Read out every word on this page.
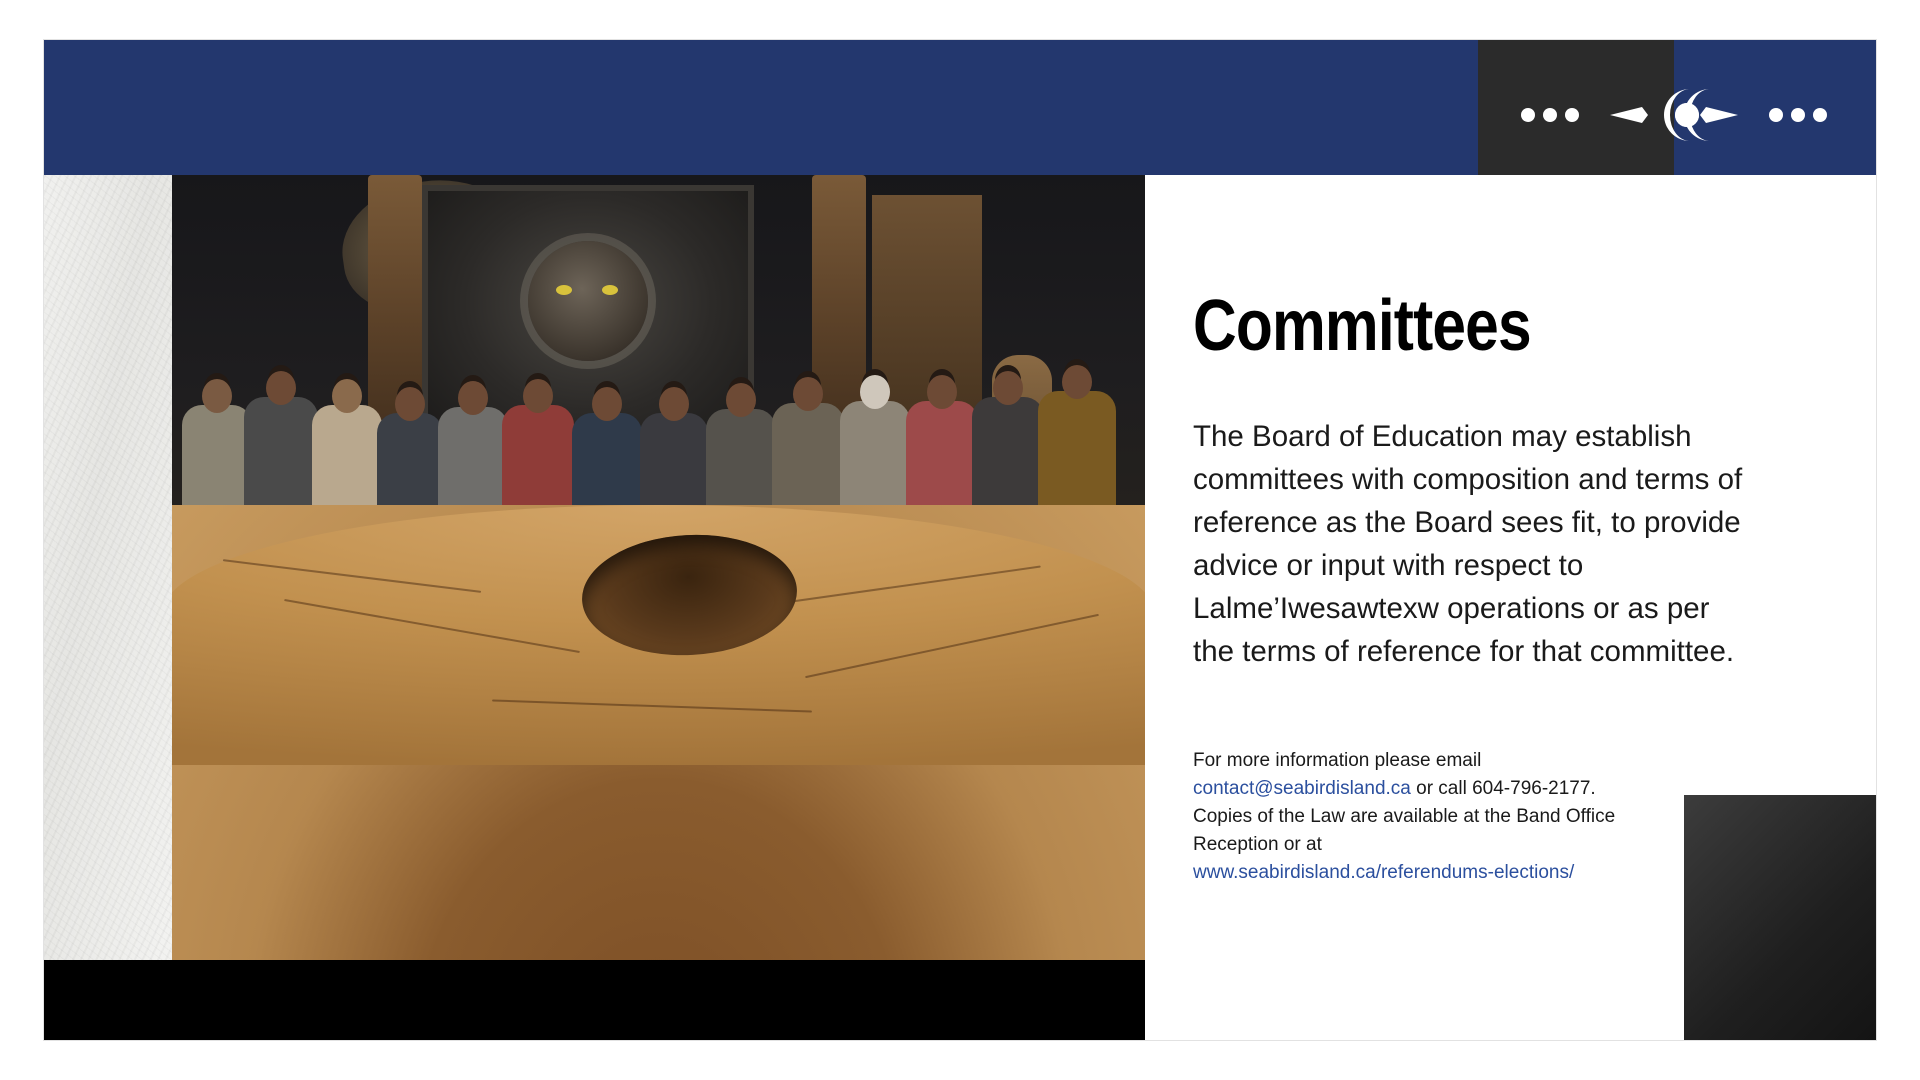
Committees
The Board of Education may establish committees with composition and terms of reference as the Board sees fit, to provide advice or input with respect to Lalme’Iwesawtexw operations or as per the terms of reference for that committee.
For more information please email
contact@seabirdisland.ca or call 604-796-2177.
Copies of the Law are available at the Band Office Reception or at
www.seabirdisland.ca/referendums-elections/
